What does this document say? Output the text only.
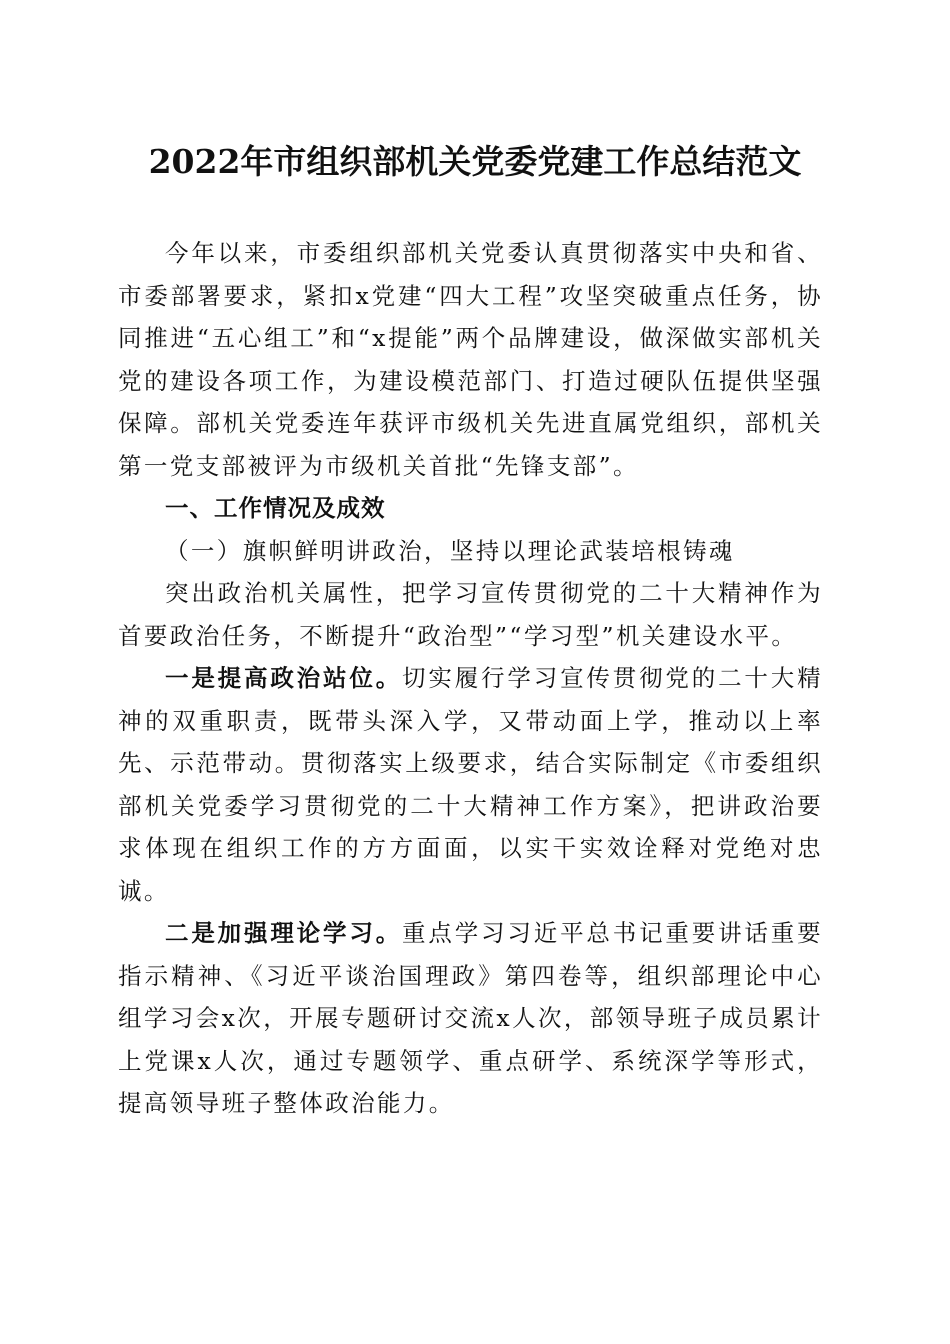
2022年市组织部机关党委党建工作总结范文

今年以来，市委组织部机关党委认真贯彻落实中央和省、市委部署要求，紧扣x党建“四大工程”攻坚突破重点任务，协同推进“五心组工”和“x提能”两个品牌建设，做深做实部机关党的建设各项工作，为建设模范部门、打造过硬队伍提供坚强保障。部机关党委连年获评市级机关先进直属党组织，部机关第一党支部被评为市级机关首批“先锋支部”。

一、工作情况及成效

（一）旗帜鲜明讲政治，坚持以理论武装培根铸魂

突出政治机关属性，把学习宣传贯彻党的二十大精神作为首要政治任务，不断提升“政治型”“学习型”机关建设水平。

一是提高政治站位。切实履行学习宣传贯彻党的二十大精神的双重职责，既带头深入学，又带动面上学，推动以上率先、示范带动。贯彻落实上级要求，结合实际制定《市委组织部机关党委学习贯彻党的二十大精神工作方案》，把讲政治要求体现在组织工作的方方面面，以实干实效诠释对党绝对忠诚。

二是加强理论学习。重点学习习近平总书记重要讲话重要指示精神、《习近平谈治国理政》第四卷等，组织部理论中心组学习会x次，开展专题研讨交流x人次，部领导班子成员累计上党课x人次，通过专题领学、重点研学、系统深学等形式，提高领导班子整体政治能力。
